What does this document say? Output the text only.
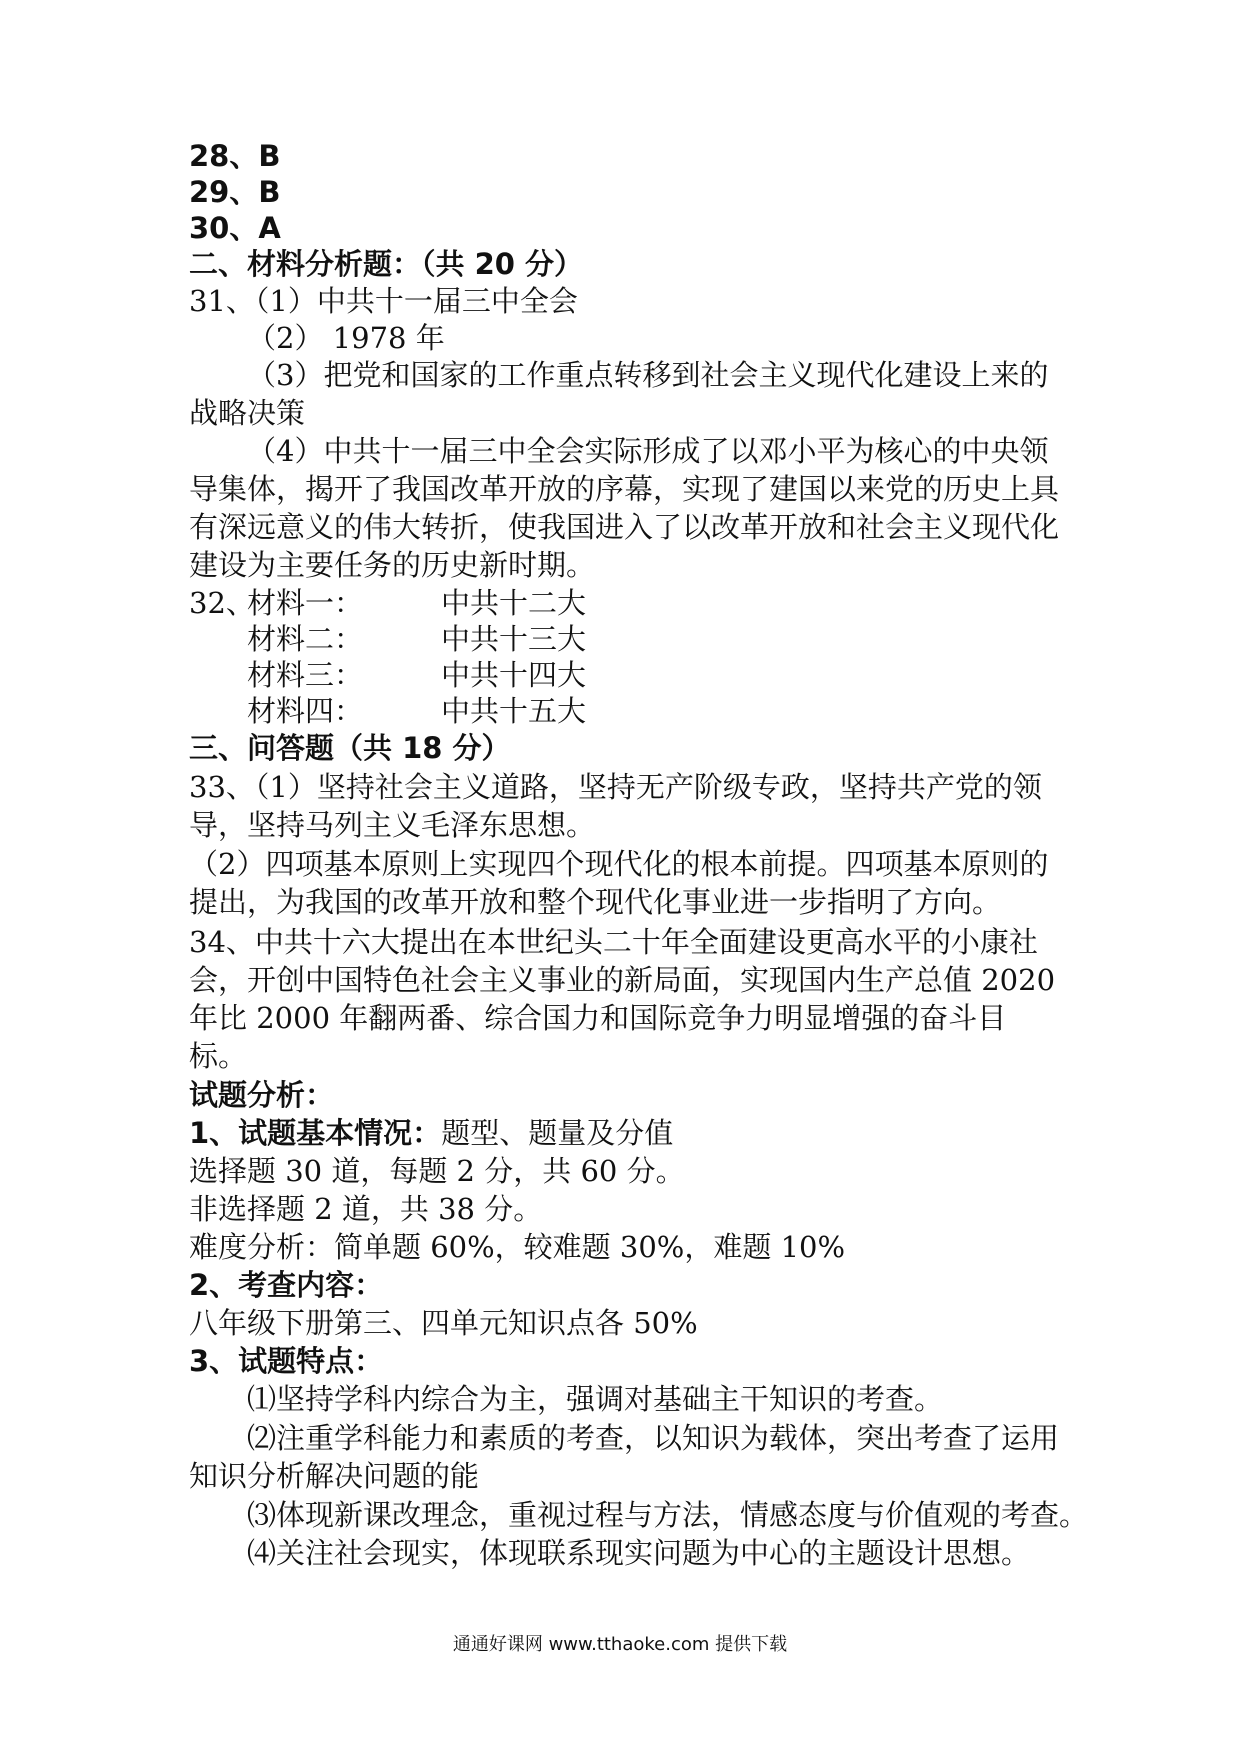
28、B
29、B
30、A
二、材料分析题：（共 20 分）
31、（1）中共十一届三中全会
（2） 1978 年
（3）把党和国家的工作重点转移到社会主义现代化建设上来的战略决策
（4）中共十一届三中全会实际形成了以邓小平为核心的中央领导集体，揭开了我国改革开放的序幕，实现了建国以来党的历史上具有深远意义的伟大转折，使我国进入了以改革开放和社会主义现代化建设为主要任务的历史新时期。
32、
材料一：	中共十二大
材料二：	中共十三大
材料三：	中共十四大
材料四：	中共十五大
三、问答题（共 18 分）
33、（1）坚持社会主义道路，坚持无产阶级专政，坚持共产党的领导，坚持马列主义毛泽东思想。
（2）四项基本原则上实现四个现代化的根本前提。四项基本原则的提出，为我国的改革开放和整个现代化事业进一步指明了方向。
34、中共十六大提出在本世纪头二十年全面建设更高水平的小康社会，开创中国特色社会主义事业的新局面，实现国内生产总值 2020 年比 2000 年翻两番、综合国力和国际竞争力明显增强的奋斗目标。
试题分析：
1、试题基本情况：题型、题量及分值
选择题 30 道，每题 2 分，共 60 分。
非选择题 2 道，共 38 分。
难度分析：简单题 60%，较难题 30%，难题 10%
2、考查内容：
八年级下册第三、四单元知识点各 50%
3、试题特点：
⑴坚持学科内综合为主，强调对基础主干知识的考查。
⑵注重学科能力和素质的考查，以知识为载体，突出考查了运用知识分析解决问题的能
⑶体现新课改理念，重视过程与方法，情感态度与价值观的考查。
⑷关注社会现实，体现联系现实问题为中心的主题设计思想。
通通好课网 www.tthaoke.com 提供下载
